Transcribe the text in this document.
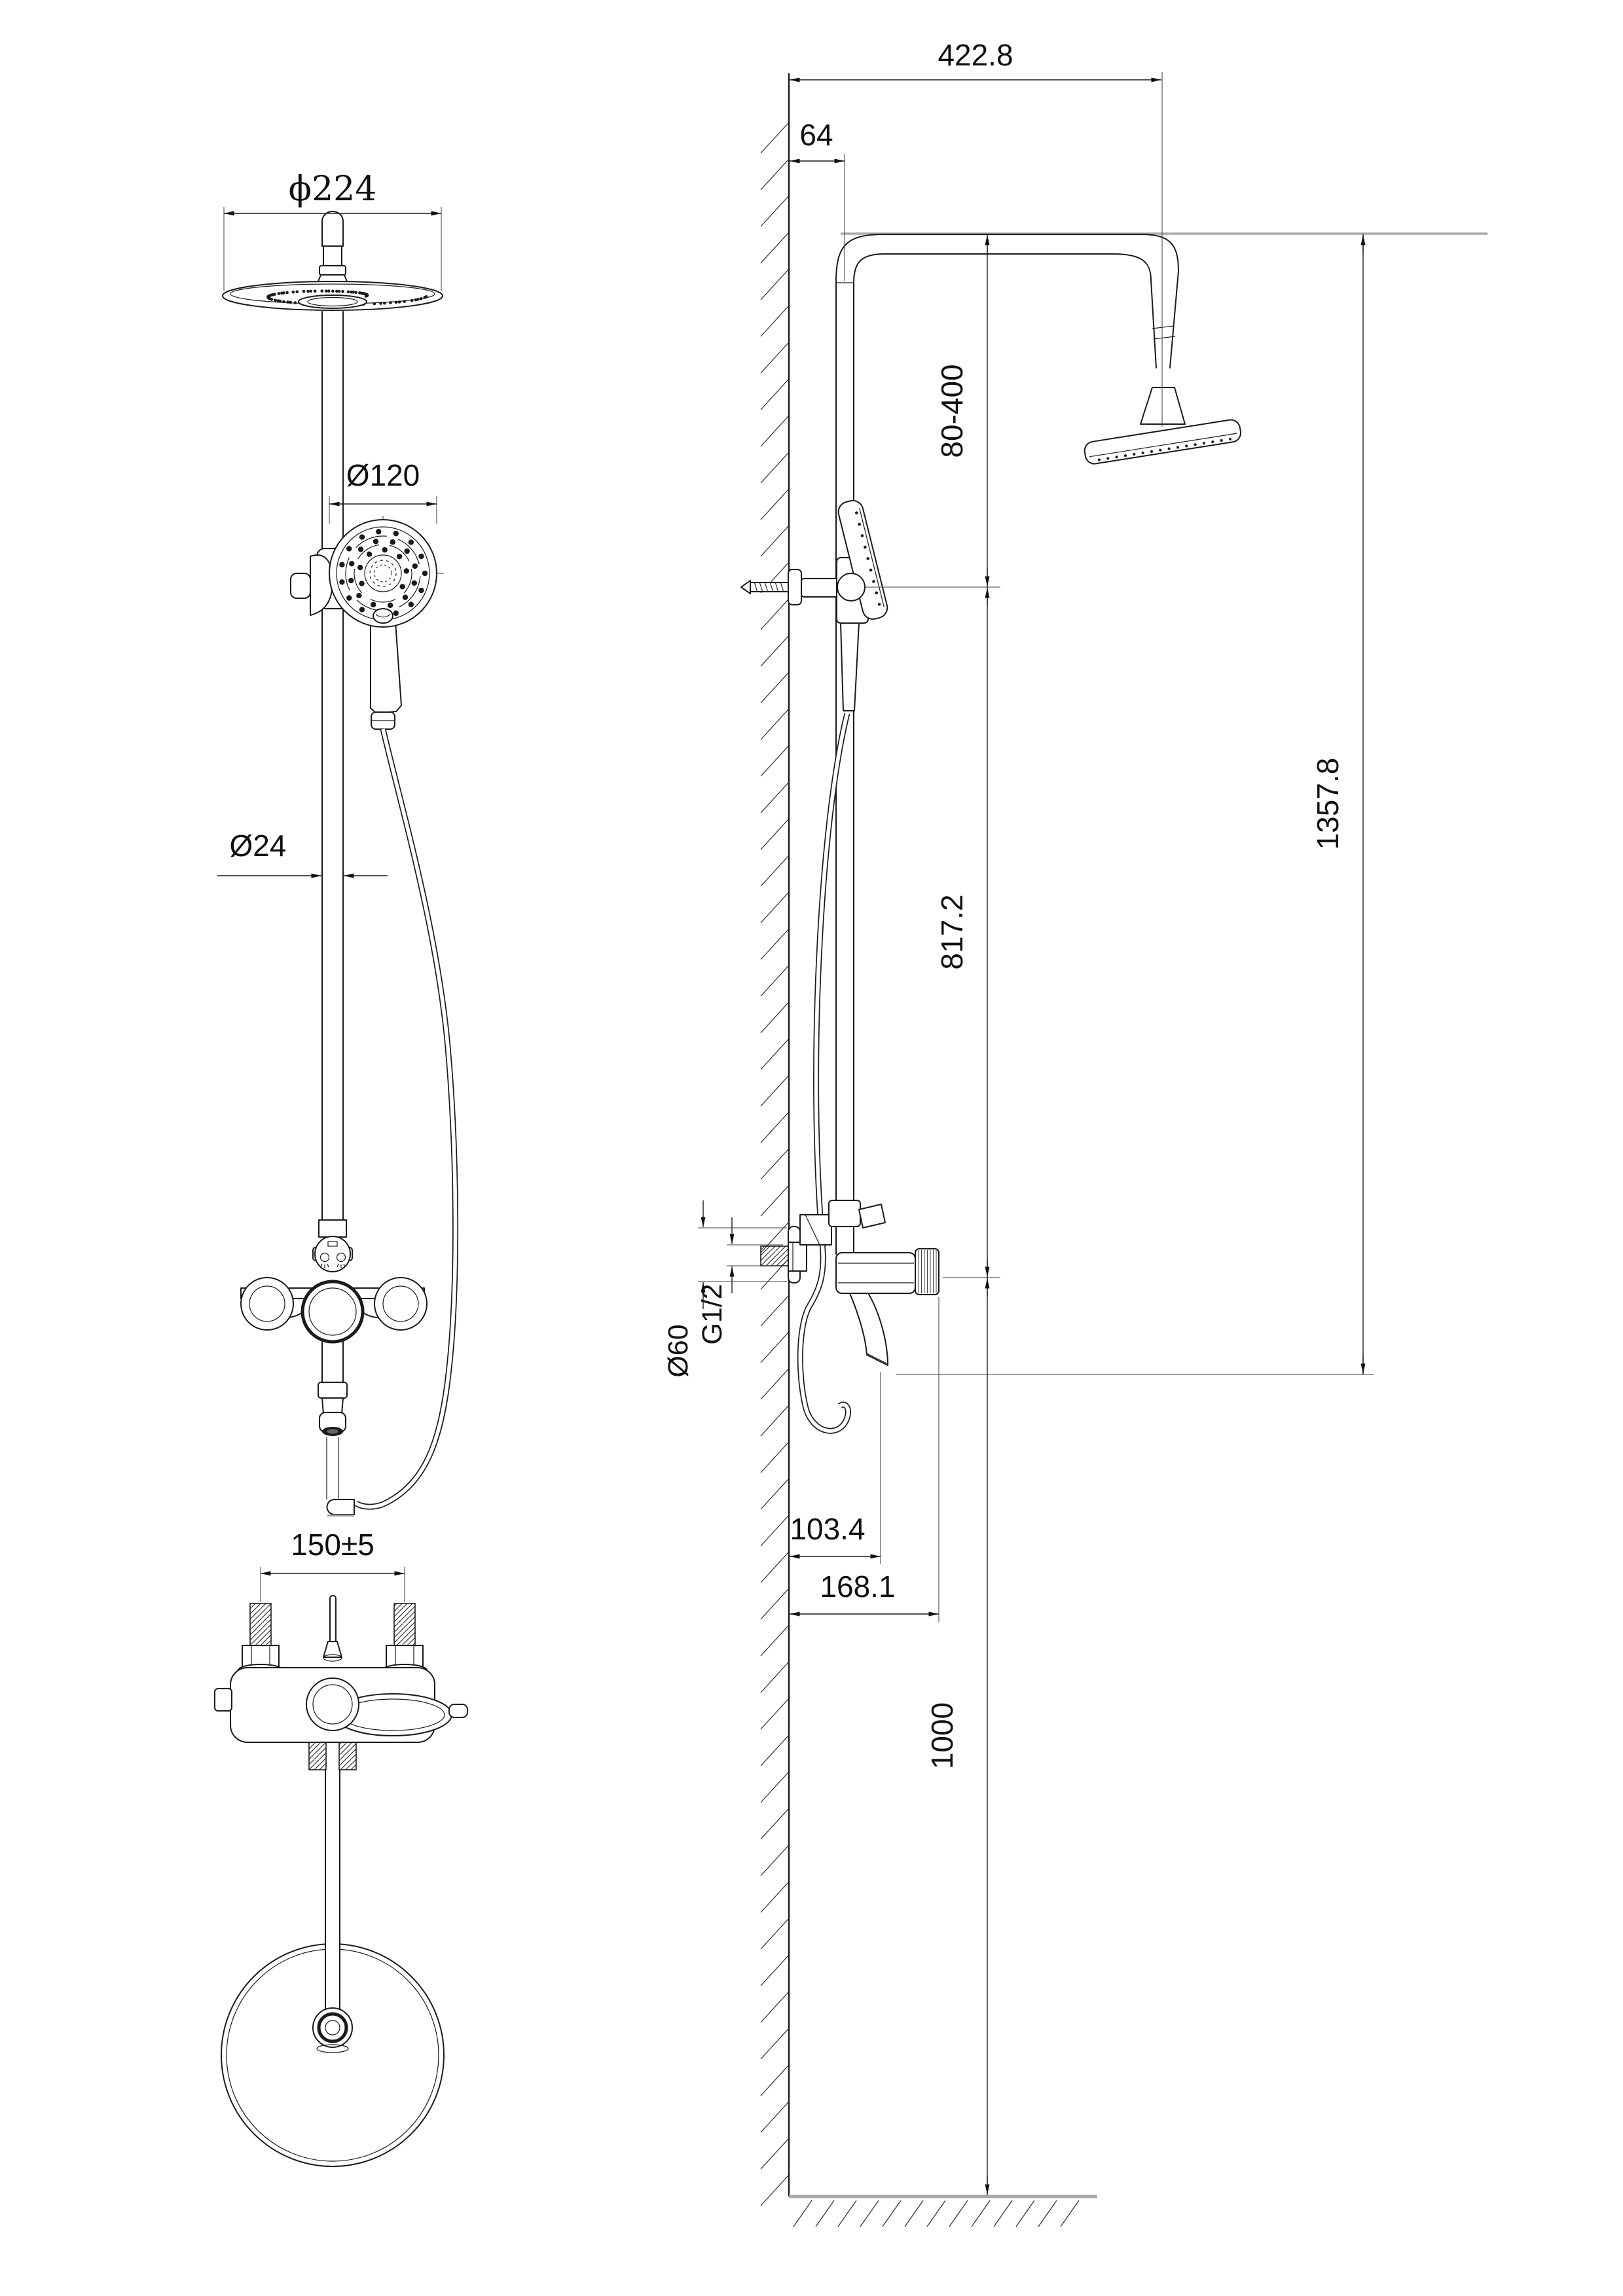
ϕ224
Ø120
Ø24
150±5
422.8
64
80-400
817.2
1000
1357.8
G1/2
Ø60
103.4
168.1
